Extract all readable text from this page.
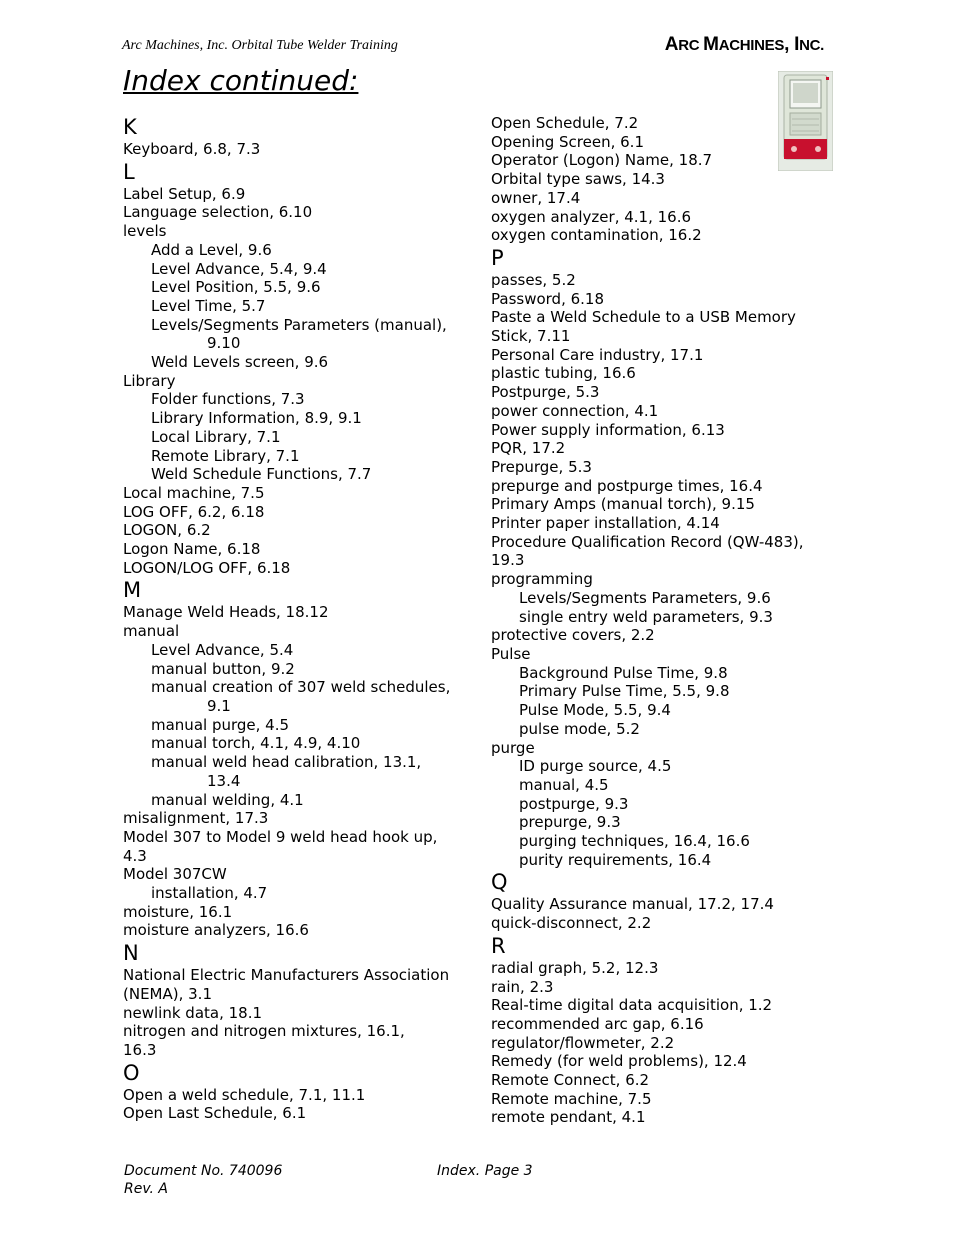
Arc Machines, Inc. Orbital Tube Welder Training	ARC MACHINES, INC.
Index continued:
K
Keyboard, 6.8, 7.3
L
Label Setup, 6.9
Language selection, 6.10
levels
Add a Level, 9.6
Level Advance, 5.4, 9.4
Level Position, 5.5, 9.6
Level Time, 5.7
Levels/Segments Parameters (manual),
9.10
Weld Levels screen, 9.6
Library
Folder functions, 7.3
Library Information, 8.9, 9.1
Local Library, 7.1
Remote Library, 7.1
Weld Schedule Functions, 7.7
Local machine, 7.5
LOG OFF, 6.2, 6.18
LOGON, 6.2
Logon Name, 6.18
LOGON/LOG OFF, 6.18
M
Manage Weld Heads, 18.12
manual
Level Advance, 5.4
manual button, 9.2
manual creation of 307 weld schedules,
9.1
manual purge, 4.5
manual torch, 4.1, 4.9, 4.10
manual weld head calibration, 13.1,
13.4
manual welding, 4.1
misalignment, 17.3
Model 307 to Model 9 weld head hook up,
4.3
Model 307CW
installation, 4.7
moisture, 16.1
moisture analyzers, 16.6
N
National Electric Manufacturers Association
(NEMA), 3.1
newlink data, 18.1
nitrogen and nitrogen mixtures, 16.1,
16.3
O
Open a weld schedule, 7.1, 11.1
Open Last Schedule, 6.1
Open Schedule, 7.2
Opening Screen, 6.1
Operator (Logon) Name, 18.7
Orbital type saws, 14.3
owner, 17.4
oxygen analyzer, 4.1, 16.6
oxygen contamination, 16.2
P
passes, 5.2
Password, 6.18
Paste a Weld Schedule to a USB Memory
Stick, 7.11
Personal Care industry, 17.1
plastic tubing, 16.6
Postpurge, 5.3
power connection, 4.1
Power supply information, 6.13
PQR, 17.2
Prepurge, 5.3
prepurge and postpurge times, 16.4
Primary Amps (manual torch), 9.15
Printer paper installation, 4.14
Procedure Qualification Record (QW-483),
19.3
programming
Levels/Segments Parameters, 9.6
single entry weld parameters, 9.3
protective covers, 2.2
Pulse
Background Pulse Time, 9.8
Primary Pulse Time, 5.5, 9.8
Pulse Mode, 5.5, 9.4
pulse mode, 5.2
purge
ID purge source, 4.5
manual, 4.5
postpurge, 9.3
prepurge, 9.3
purging techniques, 16.4, 16.6
purity requirements, 16.4
Q
Quality Assurance manual, 17.2, 17.4
quick-disconnect, 2.2
R
radial graph, 5.2, 12.3
rain, 2.3
Real-time digital data acquisition, 1.2
recommended arc gap, 6.16
regulator/flowmeter, 2.2
Remedy (for weld problems), 12.4
Remote Connect, 6.2
Remote machine, 7.5
remote pendant, 4.1
Document No. 740096
Rev. A
Index. Page 3
